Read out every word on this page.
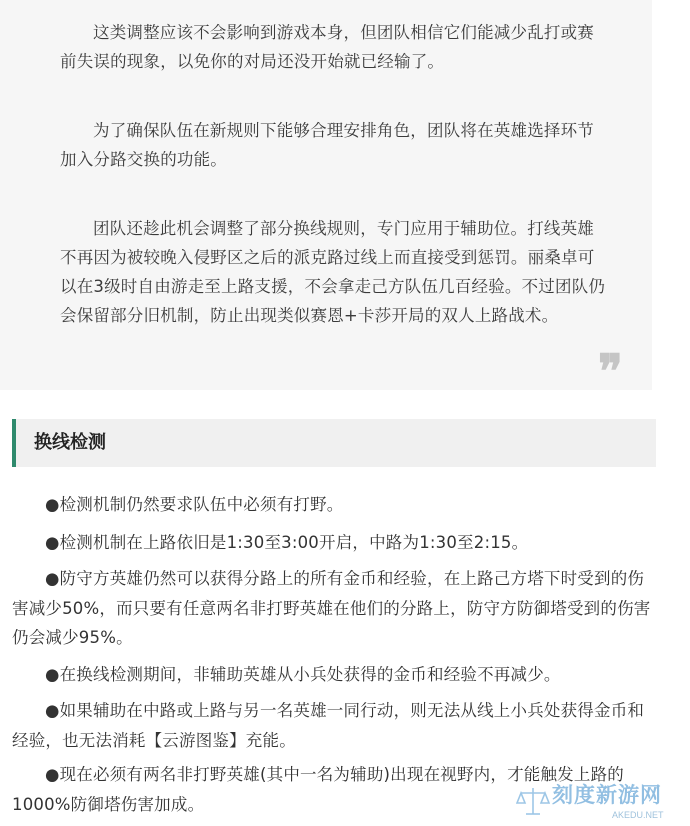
这类调整应该不会影响到游戏本身，但团队相信它们能减少乱打或赛前失误的现象，以免你的对局还没开始就已经输了。

为了确保队伍在新规则下能够合理安排角色，团队将在英雄选择环节加入分路交换的功能。

团队还趁此机会调整了部分换线规则，专门应用于辅助位。打线英雄不再因为被较晚入侵野区之后的派克路过线上而直接受到惩罚。丽桑卓可以在3级时自由游走至上路支援，不会拿走己方队伍几百经验。不过团队仍会保留部分旧机制，防止出现类似赛恩+卡莎开局的双人上路战术。

❞
换线检测

●检测机制仍然要求队伍中必须有打野。

●检测机制在上路依旧是1:30至3:00开启，中路为1:30至2:15。

●防守方英雄仍然可以获得分路上的所有金币和经验，在上路己方塔下时受到的伤害减少50%，而只要有任意两名非打野英雄在他们的分路上，防守方防御塔受到的伤害仍会减少95%。

●在换线检测期间，非辅助英雄从小兵处获得的金币和经验不再减少。

●如果辅助在中路或上路与另一名英雄一同行动，则无法从线上小兵处获得金币和经验，也无法消耗【云游图鉴】充能。

●现在必须有两名非打野英雄(其中一名为辅助)出现在视野内，才能触发上路的1000%防御塔伤害加成。	刻度新游网
AKEDU.NET
